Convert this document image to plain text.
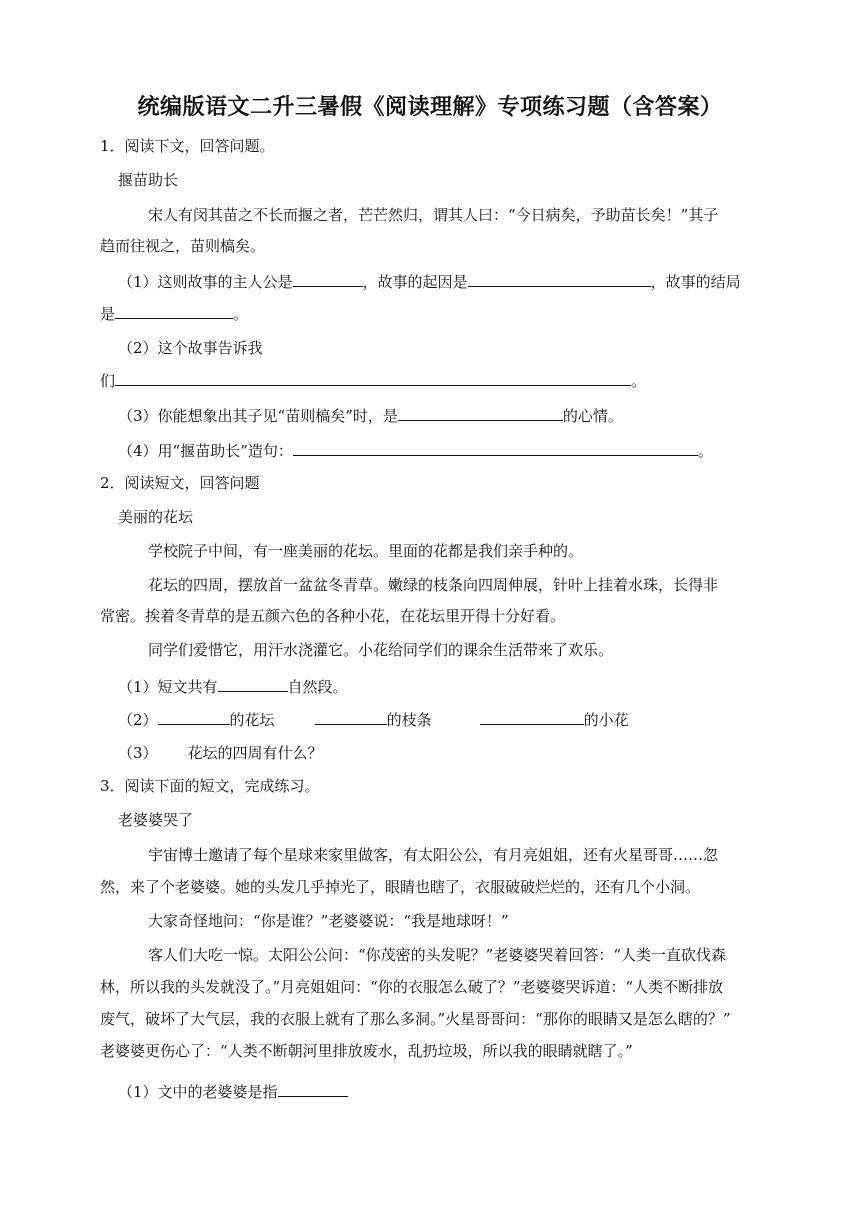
统编版语文二升三暑假《阅读理解》专项练习题（含答案）
1．阅读下文，回答问题。
揠苗助长
宋人有闵其苗之不长而揠之者，芒芒然归，谓其人曰：“今日病矣，予助苗长矣！”其子
趋而往视之，苗则槁矣。
（1）这则故事的主人公是	，故事的起因是	，故事的结局
是	。
（2）这个故事告诉我
们	。
（3）你能想象出其子见“苗则槁矣”时，是	的心情。
（4）用“揠苗助长”造句：	。
2．阅读短文，回答问题
美丽的花坛
学校院子中间，有一座美丽的花坛。里面的花都是我们亲手种的。
花坛的四周，摆放首一盆盆冬青草。嫩绿的枝条向四周伸展，针叶上挂着水珠，长得非
常密。挨着冬青草的是五颜六色的各种小花，在花坛里开得十分好看。
同学们爱惜它，用汗水浇灌它。小花给同学们的课余生活带来了欢乐。
（1）短文共有	自然段。
（2）	的花坛	的枝条	的小花
（3） 花坛的四周有什么？
3．阅读下面的短文，完成练习。
老婆婆哭了
宇宙博士邀请了每个星球来家里做客，有太阳公公，有月亮姐姐，还有火星哥哥……忽
然，来了个老婆婆。她的头发几乎掉光了，眼睛也瞎了，衣服破破烂烂的，还有几个小洞。
大家奇怪地问：“你是谁？”老婆婆说：“我是地球呀！”
客人们大吃一惊。太阳公公问：“你茂密的头发呢？”老婆婆哭着回答：“人类一直砍伐森
林，所以我的头发就没了。”月亮姐姐问：“你的衣服怎么破了？”老婆婆哭诉道：“人类不断排放
废气，破坏了大气层，我的衣服上就有了那么多洞。”火星哥哥问：“那你的眼睛又是怎么瞎的？”
老婆婆更伤心了：“人类不断朝河里排放废水，乱扔垃圾，所以我的眼睛就瞎了。”
（1）文中的老婆婆是指
